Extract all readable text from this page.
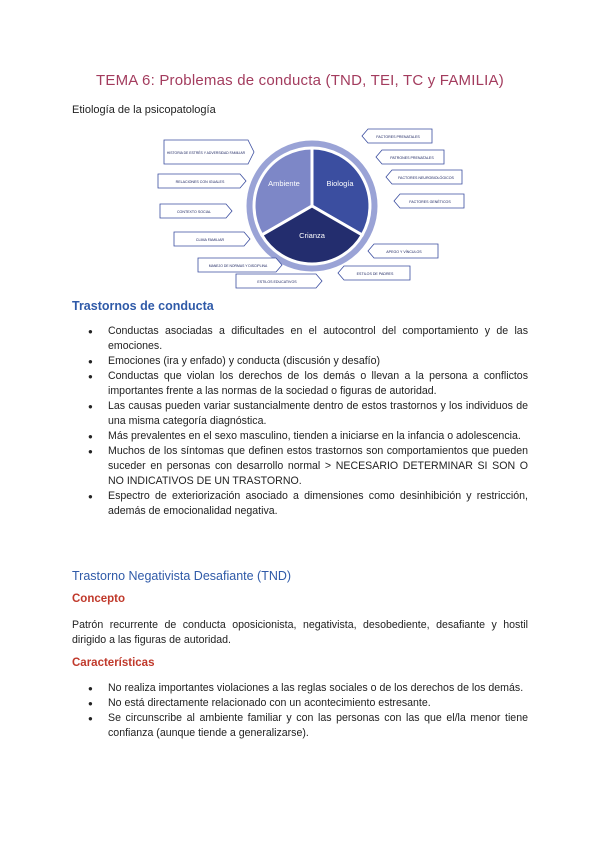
TEMA 6: Problemas de conducta (TND, TEI, TC y FAMILIA)
Etiología de la psicopatología
Ambiente	Biología
Crianza
HISTORIA DE ESTRÉS Y ADVERSIDAD FAMILIAR
RELACIONES CON IGUALES
CONTEXTO SOCIAL
CLIMA FAMILIAR
FACTORES PRENATALES
PATRONES PRENATALES
FACTORES NEUROBIOLÓGICOS
FACTORES GENÉTICOS
MANEJO DE NORMAS Y DISCIPLINA
ESTILOS EDUCATIVOS
APEGO Y VÍNCULOS
ESTILOS DE PADRES
Trastornos de conducta
● Conductas asociadas a dificultades en el autocontrol del comportamiento y de las emociones.
● Emociones (ira y enfado) y conducta (discusión y desafío)
● Conductas que violan los derechos de los demás o llevan a la persona a conflictos importantes frente a las normas de la sociedad o figuras de autoridad.
● Las causas pueden variar sustancialmente dentro de estos trastornos y los individuos de una misma categoría diagnóstica.
● Más prevalentes en el sexo masculino, tienden a iniciarse en la infancia o adolescencia.
● Muchos de los síntomas que definen estos trastornos son comportamientos que pueden suceder en personas con desarrollo normal > NECESARIO DETERMINAR SI SON O NO INDICATIVOS DE UN TRASTORNO.
● Espectro de exteriorización asociado a dimensiones como desinhibición y restricción, además de emocionalidad negativa.
Trastorno Negativista Desafiante (TND)
Concepto
Patrón recurrente de conducta oposicionista, negativista, desobediente, desafiante y hostil dirigido a las figuras de autoridad.
Características
● No realiza importantes violaciones a las reglas sociales o de los derechos de los demás.
● No está directamente relacionado con un acontecimiento estresante.
● Se circunscribe al ambiente familiar y con las personas con las que el/la menor tiene confianza (aunque tiende a generalizarse).
